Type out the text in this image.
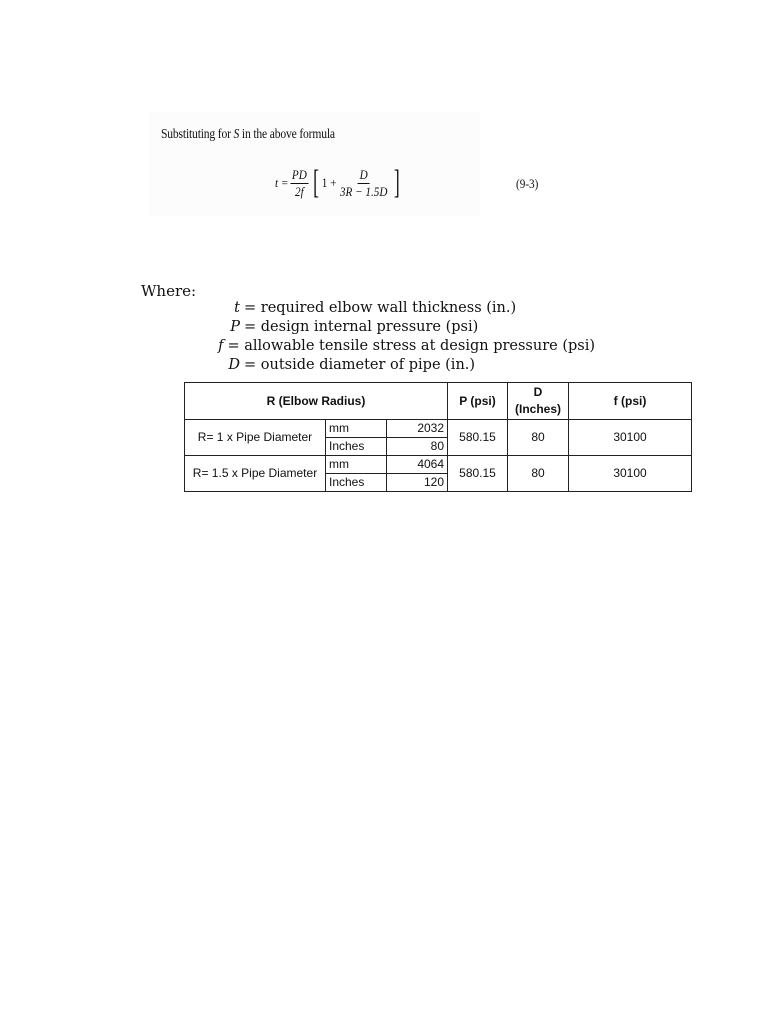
Substituting for S in the above formula
$t = \frac{PD}{2f}$ [ $1 + \frac{D}{3R - 1.5D}$ ]	(9-3)
Where:
t = required elbow wall thickness (in.)
P = design internal pressure (psi)
f = allowable tensile stress at design pressure (psi)
D = outside diameter of pipe (in.)
R (Elbow Radius)			P (psi)	D (Inches)	f (psi)
R= 1 x Pipe Diameter	mm	2032	580.15	80	30100
	Inches	80			
R= 1.5 x Pipe Diameter	mm	4064	580.15	80	30100
	Inches	120			
